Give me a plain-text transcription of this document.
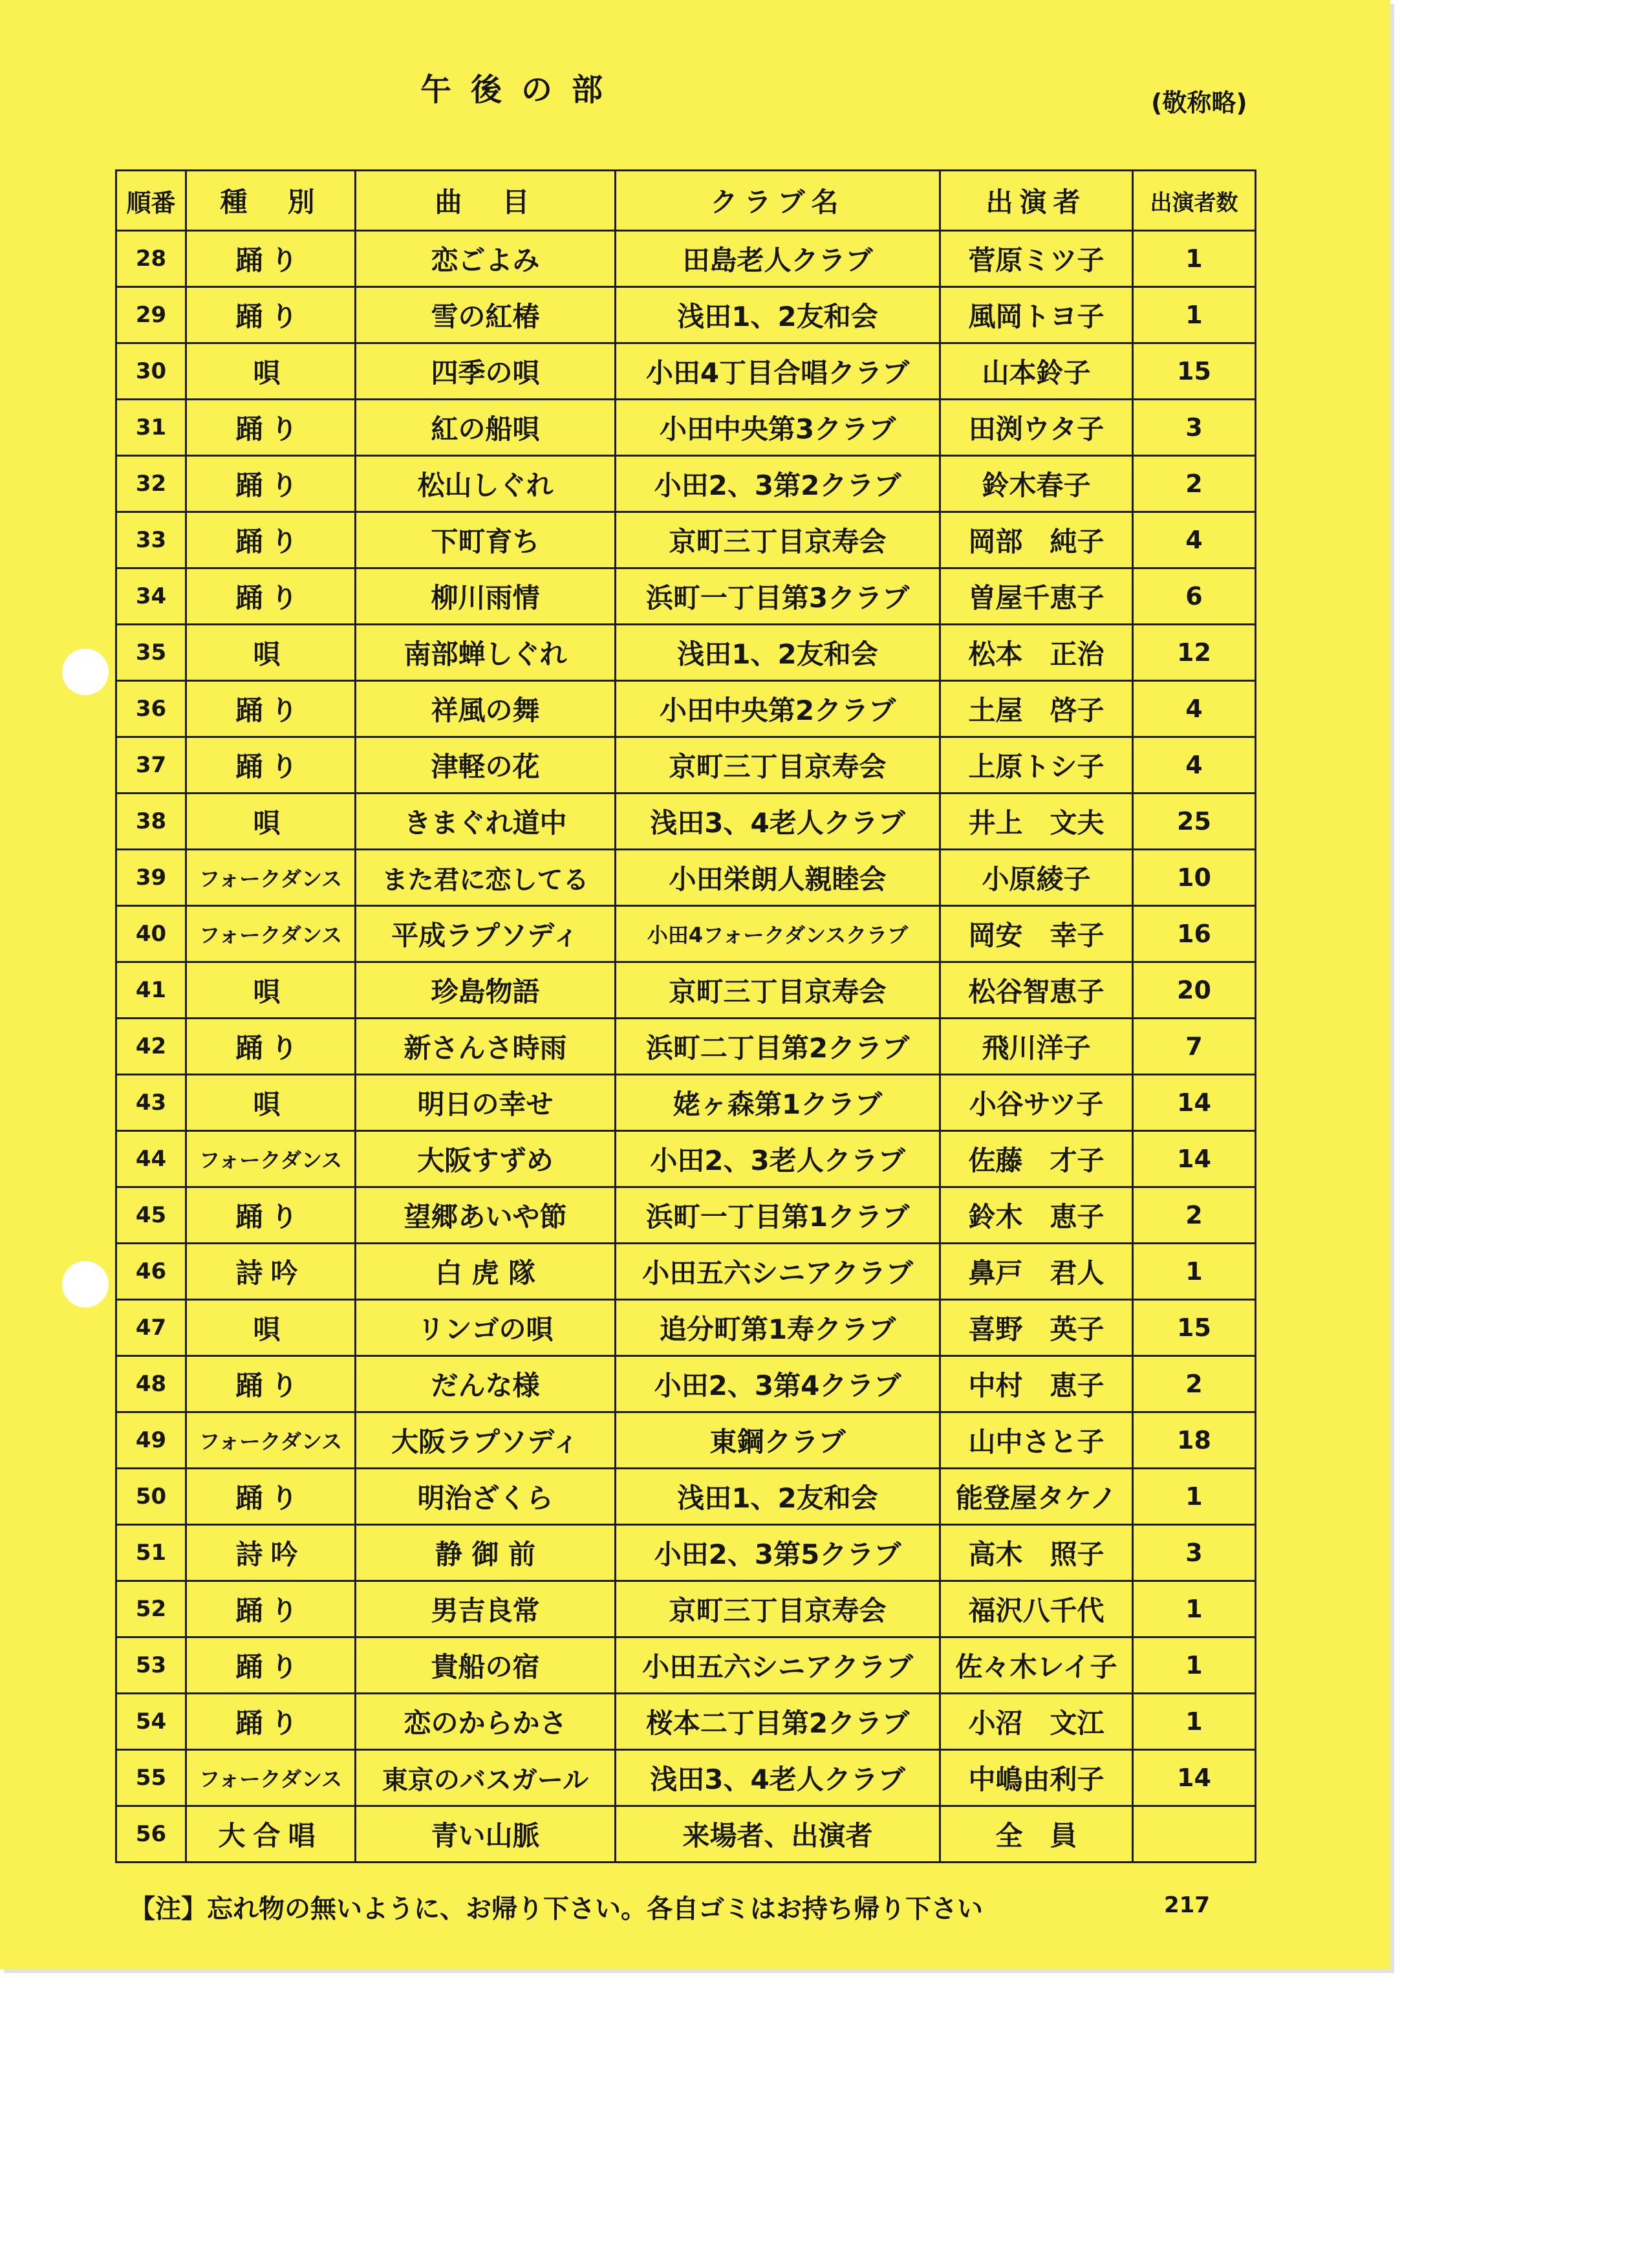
午後の部	(敬称略)
順番	種　別	曲　目	クラブ名	出演者	出演者数
28	踊り	恋ごよみ	田島老人クラブ	菅原ミツ子	1
29	踊り	雪の紅椿	浅田1、2友和会	風岡トヨ子	1
30	唄	四季の唄	小田4丁目合唱クラブ	山本鈴子	15
31	踊り	紅の船唄	小田中央第3クラブ	田渕ウタ子	3
32	踊り	松山しぐれ	小田2、3第2クラブ	鈴木春子	2
33	踊り	下町育ち	京町三丁目京寿会	岡部　純子	4
34	踊り	柳川雨情	浜町一丁目第3クラブ	曽屋千恵子	6
35	唄	南部蝉しぐれ	浅田1、2友和会	松本　正治	12
36	踊り	祥風の舞	小田中央第2クラブ	土屋　啓子	4
37	踊り	津軽の花	京町三丁目京寿会	上原トシ子	4
38	唄	きまぐれ道中	浅田3、4老人クラブ	井上　文夫	25
39	フォークダンス	また君に恋してる	小田栄朗人親睦会	小原綾子	10
40	フォークダンス	平成ラプソディ	小田4フォークダンスクラブ	岡安　幸子	16
41	唄	珍島物語	京町三丁目京寿会	松谷智恵子	20
42	踊り	新さんさ時雨	浜町二丁目第2クラブ	飛川洋子	7
43	唄	明日の幸せ	姥ヶ森第1クラブ	小谷サツ子	14
44	フォークダンス	大阪すずめ	小田2、3老人クラブ	佐藤　才子	14
45	踊り	望郷あいや節	浜町一丁目第1クラブ	鈴木　恵子	2
46	詩吟	白 虎 隊	小田五六シニアクラブ	鼻戸　君人	1
47	唄	リンゴの唄	追分町第1寿クラブ	喜野　英子	15
48	踊り	だんな様	小田2、3第4クラブ	中村　恵子	2
49	フォークダンス	大阪ラプソディ	東鋼クラブ	山中さと子	18
50	踊り	明治ざくら	浅田1、2友和会	能登屋タケノ	1
51	詩吟	静 御 前	小田2、3第5クラブ	高木　照子	3
52	踊り	男吉良常	京町三丁目京寿会	福沢八千代	1
53	踊り	貴船の宿	小田五六シニアクラブ	佐々木レイ子	1
54	踊り	恋のからかさ	桜本二丁目第2クラブ	小沼　文江	1
55	フォークダンス	東京のバスガール	浅田3、4老人クラブ	中嶋由利子	14
56	大合唱	青い山脈	来場者、出演者	全　員	
【注】忘れ物の無いように、お帰り下さい。各自ゴミはお持ち帰り下さい	217
